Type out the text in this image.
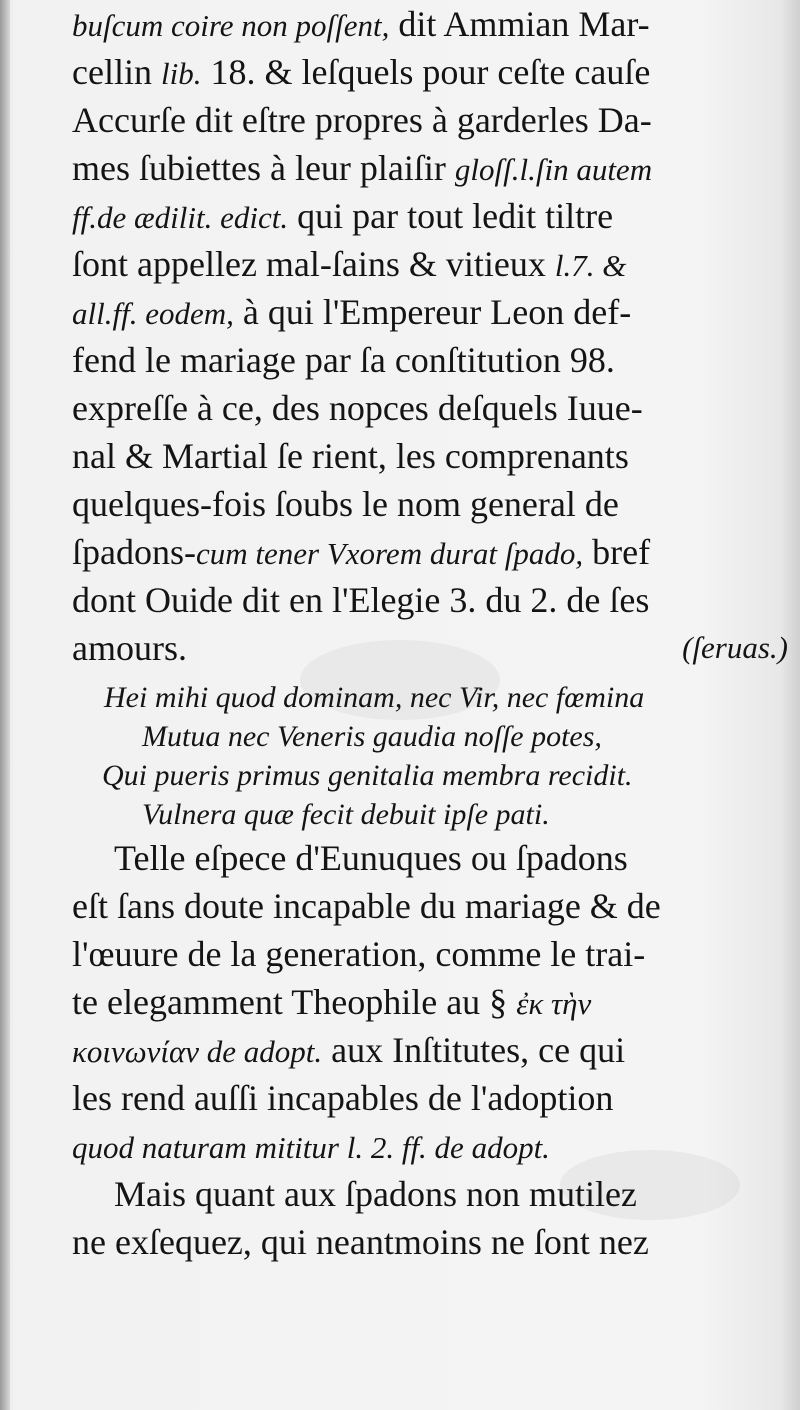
buſcum coire non poſſent, dit Ammian Mar-
cellin lib. 18. & leſquels pour ceſte cauſe
Accurſe dit eſtre propres à garderles Da-
mes ſubiettes à leur plaiſir gloſſ.l.ſin autem
ff.de ædilit. edict. qui par tout ledit tiltre
ſont appellez mal-ſains & vitieux l.7. &
all.ff. eodem, à qui l'Empereur Leon def-
fend le mariage par ſa conſtitution 98.
expreſſe à ce, des nopces deſquels Iuue-
nal & Martial ſe rient, les comprenants
quelques-fois ſoubs le nom general de
ſpadons-cum tener Vxorem durat ſpado, bref
dont Ouide dit en l'Elegie 3. du 2. de ſes
amours.	(ſeruas.)
Hei mihi quod dominam, nec Vir, nec fœmina
Mutua nec Veneris gaudia noſſe potes,
Qui pueris primus genitalia membra recidit.
Vulnera quæ fecit debuit ipſe pati.
Telle eſpece d'Eunuques ou ſpadons
eſt ſans doute incapable du mariage & de
l'œuure de la generation, comme le trai-
te elegamment Theophile au § ἐκ τὴν
κοινωνίαν de adopt. aux Inſtitutes, ce qui
les rend auſſi incapables de l'adoption
quod naturam mititur l. 2. ff. de adopt.
Mais quant aux ſpadons non mutilez
ne exſequez, qui neantmoins ne ſont nez
